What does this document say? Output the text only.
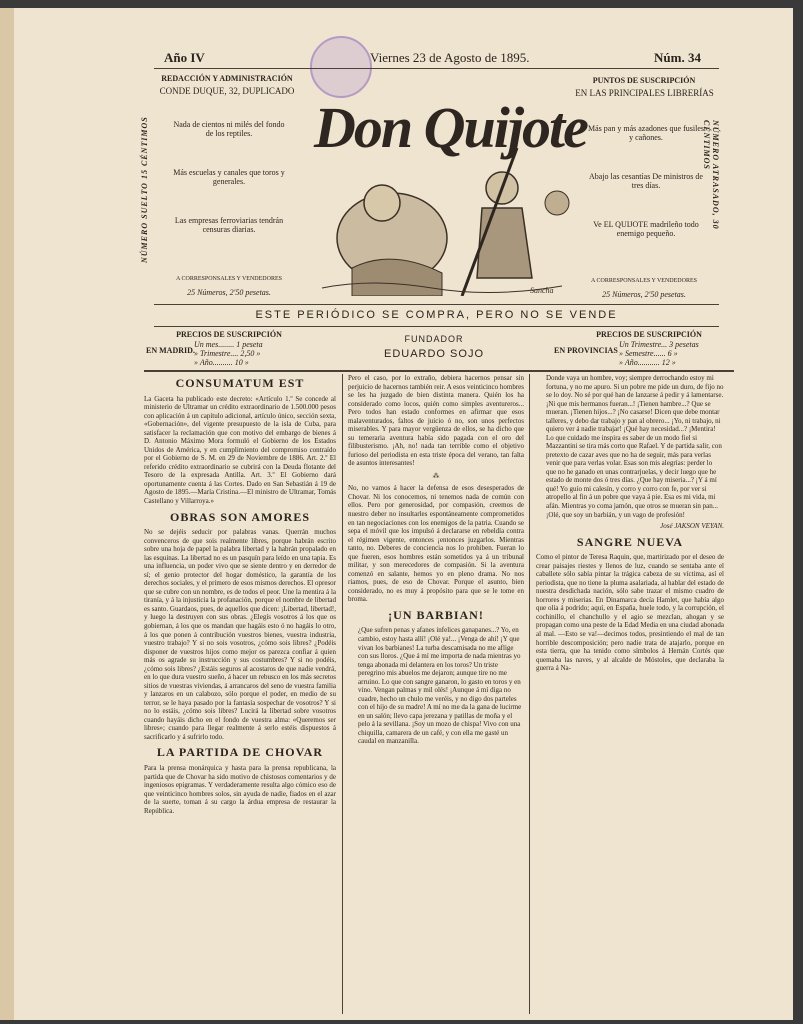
Año IV	Viernes 23 de Agosto de 1895.	Núm. 34
REDACCIÓN Y ADMINISTRACIÓN
CONDE DUQUE, 32, DUPLICADO
Nada de cientos ni milés del fondo de los reptiles.
Más escuelas y canales que toros y generales.
Las empresas ferroviarias tendrán censuras diarias.
A CORRESPONSALES Y VENDEDORES
25 Números, 2'50 pesetas.
NÚMERO SUELTO 15 CÉNTIMOS	Don Quijote
Sancha
PUNTOS DE SUSCRIPCIÓN
EN LAS PRINCIPALES LIBRERÍAS
Más pan y más azadones que fusiles y cañones.
Abajo las cesantías De ministros de tres días.
Ve EL QUIJOTE madrileño todo enemigo pequeño.
A CORRESPONSALES Y VENDEDORES
25 Números, 2'50 pesetas.
NÚMERO ATRASADO, 30 CÉNTIMOS
ESTE PERIÓDICO SE COMPRA, PERO NO SE VENDE
PRECIOS DE SUSCRIPCIÓN
EN MADRID.
Un mes........ 1 peseta
» Trimestre.... 2,50 »
» Año.......... 10 »
FUNDADOR
EDUARDO SOJO
PRECIOS DE SUSCRIPCIÓN
EN PROVINCIAS
Un Trimestre... 3 pesetas
» Semestre...... 6 »
» Año........... 12 »
CONSUMATUM EST
La Gaceta ha publicado este decreto: «Artículo 1.º Se concede al ministerio de Ultramar un crédito extraordinario de 1.500.000 pesos con aplicación á un capítulo adicional, artículo único, sección sexta, «Gobernación», del vigente presupuesto de la isla de Cuba, para satisfacer la reclamación que con motivo del embargo de bienes á D. Antonio Máximo Mora formuló el Gobierno de los Estados Unidos de América, y en cumplimiento del compromiso contraído por el Gobierno de S. M. en 29 de Noviembre de 1886. Art. 2.º El referido crédito extraordinario se cubrirá con la Deuda flotante del Tesoro de la expresada Antilla. Art. 3.º El Gobierno dará oportunamente cuenta á las Cortes. Dado en San Sebastián á 19 de Agosto de 1895.—María Cristina.—El ministro de Ultramar, Tomás Castellano y Villarroya.»
OBRAS SON AMORES
No se dejéis seducir por palabras vanas. Querrán muchos convenceros de que sois realmente libres, porque habrán escrito sobre una hoja de papel la palabra libertad y la habrán propalado en las esquinas. La libertad no es un pasquín para leído en una tapia. Es una influencia, un poder vivo que se siente dentro y en derredor de sí; el genio protector del hogar doméstico, la garantía de los derechos sociales, y el primero de esos mismos derechos. El opresor que se cubre con un nombre, es de todos el peor. Une la mentira á la tiranía, y á la injusticia la profanación, porque el nombre de libertad es santo. Guardaos, pues, de aquellos que dicen: ¡Libertad, libertad!, y luego la destruyen con sus obras. ¿Elegís vosotros á los que os gobiernan, á los que os mandan que hagáis esto ó no hagáis lo otro, á los que ponen á contribución vuestros bienes, vuestra industria, vuestro trabajo? Y si no sois vosotros, ¿cómo sois libres? ¿Podéis disponer de vuestros hijos como mejor os parezca confiar á quien más os agrade su instrucción y sus costumbres? Y si no podéis, ¿cómo sois libres? ¿Estáis seguros al acostaros de que nadie vendrá, en lo que dura vuestro sueño, á hacer un rebusco en los más secretos sitios de vuestras viviendas, á arrancaros del seno de vuestra familia y lanzaros en un calabozo, sólo porque el poder, en medio de su terror, se le haya pasado por la fantasía sospechar de vosotros? Y si no lo estáis, ¿cómo sois libres? Lucirá la libertad sobre vosotros cuando hayáis dicho en el fondo de vuestra alma: «Queremos ser libres»; cuando para llegar realmente á serlo estéis dispuestos á sacrificarlo y á sufrirlo todo.
LA PARTIDA DE CHOVAR
Para la prensa monárquica y hasta para la prensa republicana, la partida que de Chovar ha sido motivo de chistosos comentarios y de ingeniosos epigramas. Y verdaderamente resulta algo cómico eso de que veinticinco hombres solos, sin ayuda de nadie, fiados en el azar de la suerte, toman á su cargo la árdua empresa de restaurar la República.
Pero el caso, por lo extraño, debiera hacernos pensar sin perjuicio de hacernos también reir. A esos veinticinco hombres se les ha juzgado de bien distinta manera. Quién los ha considerado como locos, quién como simples aventureros... Pero todos han estado conformes en afirmar que esos malaventurados, faltos de juicio ó no, son unos perfectos miserables. Y para mayor vergüenza de ellos, se ha dicho que su temeraria aventura había sido pagada con el oro del filibusterismo. ¡Ah, no! nada tan terrible como el objetivo furioso del periodista en esta triste época del verano, tan falta de asuntos interesantes!
⁂
No, no vamos á hacer la defensa de esos desesperados de Chovar. Ni los conocemos, ni tenemos nada de común con ellos. Pero por generosidad, por compasión, creemos de nuestro deber no insultarles espontáneamente comprometidos en tan negociaciones con los enemigos de la patria. Cuando se sepa el móvil que los impulsó á declararse en rebeldía contra el régimen vigente, entonces ¡entonces juzgarlos. Mientras tanto, no. Deberes de conciencia nos lo prohiben. Fueran lo que fueren, esos hombres están sometidos ya á un tribunal militar, y son merecedores de compasión. Si la aventura comenzó en salante, hemos yo en pleno drama. No nos riamos, pues, de eso de Chovar. Porque el asunto, bien considerado, no es muy á propósito para que se le tome en broma.
¡UN BARBIAN!
¿Que sufren penas y afanes infelices ganapanes...? Yo, en cambio, estoy hasta allí! ¡Olé ya!... ¡Venga de ahí! ¡Y que vivan los barbianes! La turba descamisada no me aflige con sus lloros. ¿Que á mí me importa de nada mientras yo tenga abonada mi delantera en los toros? Un triste peregrino mis abuelos me dejaron; aunque tire no me arruino. Lo que con sangre ganaron, lo gasto en toros y en vino. Vengan palmas y mil olés! ¡Aunque á mí diga no cuadre, hecho un chulo me veréis, y no digo dos parteles con el hijo de su madre! A mí no me da la gana de lucirme en un salón; llevo capa jerezana y patillas de moña y el pelo á la sevillana. ¡Soy un mozo de chispa! Vivo con una chiquilla, camarera de un café, y con ella me gasté un caudal en manzanilla.
Donde vaya un hombre, voy; siempre derrochando estoy mi fortuna, y no me apuro. Si un pobre me pide un duro, de fijo no se lo doy. No sé por qué han de lanzarse á pedir y á lamentarse. ¡Ni que mis hermanos fueran...! ¡Tienen hambre...? Que se mueran. ¡Tienen hijos...? ¡No casarse! Dicen que debe montar talleres, y debo dar trabajo y pan al obrero... ¡Yo, ni trabajo, ni quiero ver á nadie trabajar! ¡Qué hay necesidad...? ¡Mentira! Lo que cuidado me inspira es saber de un modo fiel si Mazzantini se tira más corto que Rafael. Y de partida salir, con pretexto de cazar aves que no ha de seguir, más para verlas venir que para verlas volar. Esas son mis alegrías: perder lo que no he ganado en unas contrarjuelas, y decir luego que he estado de monte dos ó tres días. ¿Que hay miseria...? ¡Y á mí qué! Yo guío mi calesín, y corro y corro con fe, por ver si atropello al fin á un pobre que vaya á pie. Esa es mi vida, mi afán. Mientras yo coma jamón, que otros se mueran sin pan... ¡Olé, que soy un barbián, y un vago de profesión!
José JAKSON VEYAN.
SANGRE NUEVA
Como el pintor de Teresa Raquin, que, martirizado por el deseo de crear paisajes riestes y llenos de luz, cuando se sentaba ante el caballete sólo sabía pintar la trágica cabeza de su víctima, así el periodista, que no tiene la pluma asalariada, al hablar del estado de nuestra desdichada nación, sólo sabe trazar el mismo cuadro de horrores y miserias. En Dinamarca decía Hamlet, que había algo que olía á podrido; aquí, en España, huele todo, y la corrupción, el cochinillo, el chanchullo y el agio se mezclan, ahogan y se propagan como una peste de la Edad Media en una ciudad abonada al mal. —Esto se va!—decimos todos, presintiendo el mal de tan horrible descomposición; pero nadie trata de atajarlo, porque en esta tierra, que ha tenido como símbolos á Hernán Cortés que quemaba las naves, y al alcalde de Móstoles, que declaraba la guerra á Na-
